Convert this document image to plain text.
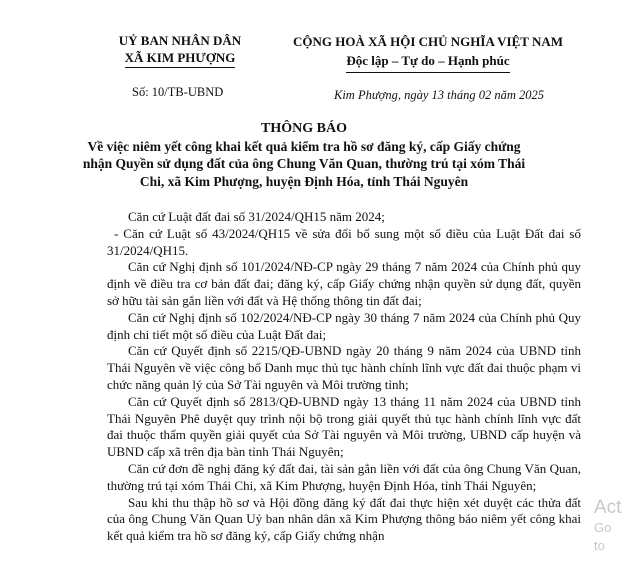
UỶ BAN NHÂN DÂN
XÃ KIM PHƯỢNG
CỘNG HOÀ XÃ HỘI CHỦ NGHĨA VIỆT NAM
Độc lập – Tự do – Hạnh phúc
Số: 10/TB-UBND	Kim Phượng, ngày 13 tháng 02 năm 2025
THÔNG BÁO
Về việc niêm yết công khai kết quả kiểm tra hồ sơ đăng ký, cấp Giấy chứng nhận Quyền sử dụng đất của ông Chung Văn Quan, thường trú tại xóm Thái Chi, xã Kim Phượng, huyện Định Hóa, tỉnh Thái Nguyên

Căn cứ Luật đất đai số 31/2024/QH15 năm 2024;

- Căn cứ Luật số 43/2024/QH15 về sửa đổi bổ sung một số điều của Luật Đất đai số 31/2024/QH15.

Căn cứ Nghị định số 101/2024/NĐ-CP ngày 29 tháng 7 năm 2024 của Chính phủ quy định về điều tra cơ bản đất đai; đăng ký, cấp Giấy chứng nhận quyền sử dụng đất, quyền sở hữu tài sản gắn liền với đất và Hệ thống thông tin đất đai;

Căn cứ Nghị định số 102/2024/NĐ-CP ngày 30 tháng 7 năm 2024 của Chính phủ Quy định chi tiết một số điều của Luật Đất đai;

Căn cứ Quyết định số 2215/QĐ-UBND ngày 20 tháng 9 năm 2024 của UBND tỉnh Thái Nguyên về việc công bố Danh mục thủ tục hành chính lĩnh vực đất đai thuộc phạm vi chức năng quản lý của Sở Tài nguyên và Môi trường tỉnh;

Căn cứ Quyết định số 2813/QĐ-UBND ngày 13 tháng 11 năm 2024 của UBND tỉnh Thái Nguyên Phê duyệt quy trình nội bộ trong giải quyết thủ tục hành chính lĩnh vực đất đai thuộc thẩm quyền giải quyết của Sở Tài nguyên và Môi trường, UBND cấp huyện và UBND cấp xã trên địa bàn tỉnh Thái Nguyên;

Căn cứ đơn đề nghị đăng ký đất đai, tài sản gắn liền với đất của ông Chung Văn Quan, thường trú tại xóm Thái Chi, xã Kim Phượng, huyện Định Hóa, tỉnh Thái Nguyên;

Sau khi thu thập hồ sơ và Hội đồng đăng ký đất đai thực hiện xét duyệt các thửa đất của ông Chung Văn Quan Uỷ ban nhân dân xã Kim Phượng thông báo niêm yết công khai kết quả kiểm tra hồ sơ đăng ký, cấp Giấy chứng nhận

Act
Go to
